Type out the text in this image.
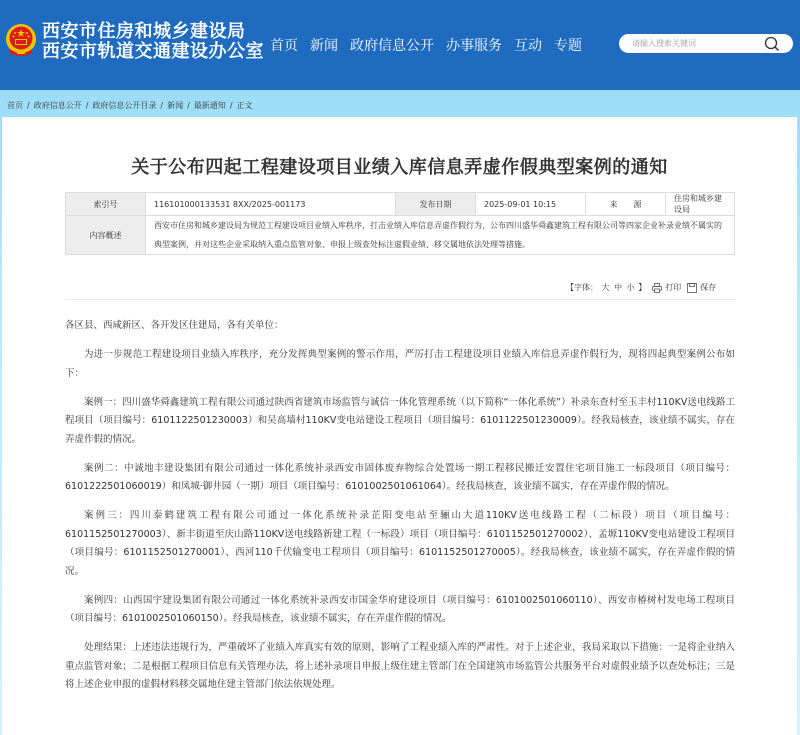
西安市住房和城乡建设局
西安市轨道交通建设办公室 首页 新闻 政府信息公开 办事服务 互动 专题
请输入搜索关键词
首页 / 政府信息公开 / 政府信息公开目录 / 新闻 / 最新通知 / 正文
关于公布四起工程建设项目业绩入库信息弄虚作假典型案例的通知
索引号	116101000133531 8XX/2025-001173	发布日期	2025-09-01 10:15	来　　源	住房和城乡建设局
内容概述	西安市住房和城乡建设局为规范工程建设项目业绩入库秩序，打击业绩入库信息弄虚作假行为，公布四川盛华舜鑫建筑工程有限公司等四家企业补录业绩不属实的典型案例，并对这些企业采取纳入重点监管对象、申报上级查处标注虚假业绩、移交属地依法处理等措施。				
【字体： 大 中 小 】 打印 保存

各区县、西咸新区、各开发区住建局，各有关单位：

为进一步规范工程建设项目业绩入库秩序，充分发挥典型案例的警示作用，严厉打击工程建设项目业绩入库信息弄虚作假行为，现将四起典型案例公布如下：

案例一：四川盛华舜鑫建筑工程有限公司通过陕西省建筑市场监管与诚信一体化管理系统（以下简称“一体化系统”）补录东查村至玉丰村110KV送电线路工程项目（项目编号：6101122501230003）和吴高墙村110KV变电站建设工程项目（项目编号：6101122501230009）。经我局核查，该业绩不属实，存在弄虚作假的情况。

案例二：中诚地丰建设集团有限公司通过一体化系统补录西安市固体废弃物综合处置场一期工程移民搬迁安置住宅项目施工一标段项目（项目编号：6101222501060019）和凤城·御井园（一期）项目（项目编号：6101002501061064）。经我局核查，该业绩不属实，存在弄虚作假的情况。

案例三：四川泰鹤建筑工程有限公司通过一体化系统补录芷阳变电站至骊山大道110KV送电线路工程（二标段）项目（项目编号：6101152501270003）、新丰街道至庆山路110KV送电线路新建工程（一标段）项目（项目编号：6101152501270002）、孟塬110KV变电站建设工程项目（项目编号：6101152501270001）、西河110千伏输变电工程项目（项目编号：6101152501270005）。经我局核查，该业绩不属实，存在弄虚作假的情况。

案例四：山西国宇建设集团有限公司通过一体化系统补录西安市国金华府建设项目（项目编号：6101002501060110）、西安市椿树村发电场工程项目（项目编号：6101002501060150）。经我局核查，该业绩不属实，存在弄虚作假的情况。

处理结果：上述违法违规行为，严重破坏了业绩入库真实有效的原则，影响了工程业绩入库的严肃性。对于上述企业，我局采取以下措施：一是将企业纳入重点监管对象；二是根据工程项目信息有关管理办法，将上述补录项目申报上级住建主管部门在全国建筑市场监管公共服务平台对虚假业绩予以查处标注；三是将上述企业申报的虚假材料移交属地住建主管部门依法依规处理。
